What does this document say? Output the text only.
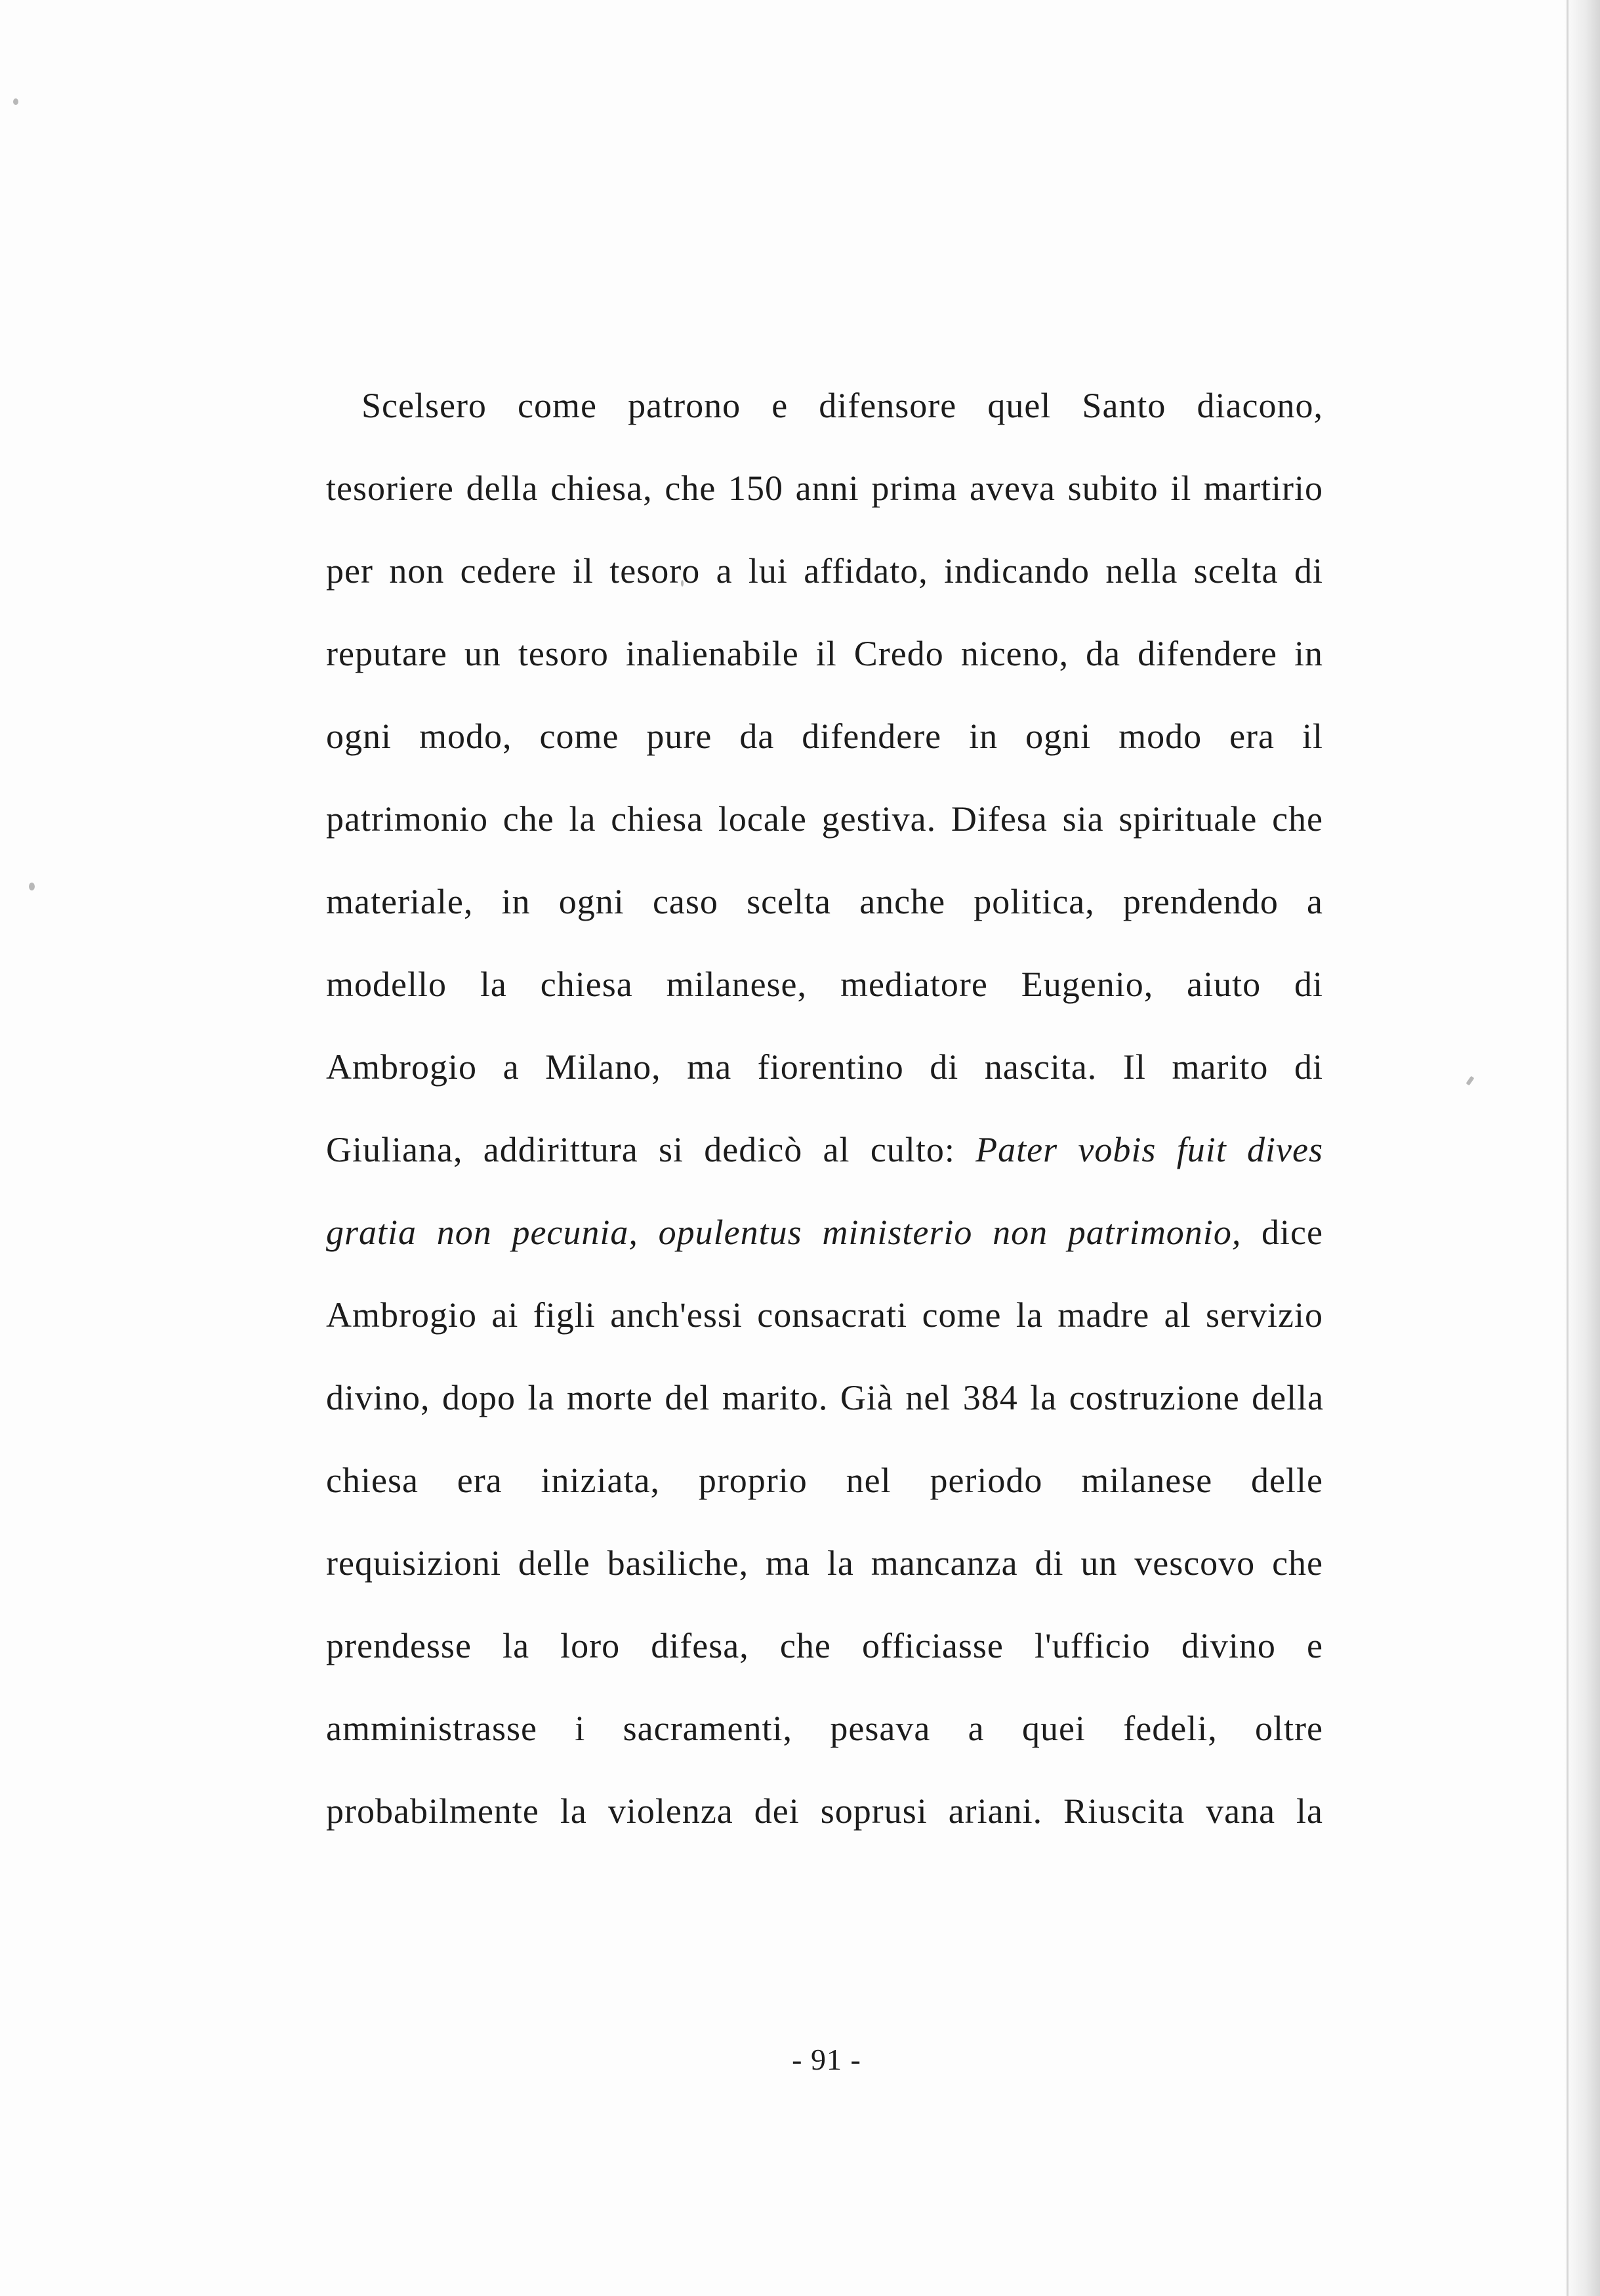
Scelsero come patrono e difensore quel Santo diacono,
tesoriere della chiesa, che 150 anni prima aveva subito il martirio
per non cedere il tesoro a lui affidato, indicando nella scelta di
reputare un tesoro inalienabile il Credo niceno, da difendere in
ogni modo, come pure da difendere in ogni modo era il
patrimonio che la chiesa locale gestiva. Difesa sia spirituale che
materiale, in ogni caso scelta anche politica, prendendo a
modello la chiesa milanese, mediatore Eugenio, aiuto di
Ambrogio a Milano, ma fiorentino di nascita. Il marito di
Giuliana, addirittura si dedicò al culto: Pater vobis fuit dives
gratia non pecunia, opulentus ministerio non patrimonio, dice
Ambrogio ai figli anch'essi consacrati come la madre al servizio
divino, dopo la morte del marito. Già nel 384 la costruzione della
chiesa era iniziata, proprio nel periodo milanese delle
requisizioni delle basiliche, ma la mancanza di un vescovo che
prendesse la loro difesa, che officiasse l'ufficio divino e
amministrasse i sacramenti, pesava a quei fedeli, oltre
probabilmente la violenza dei soprusi ariani. Riuscita vana la
- 91 -
